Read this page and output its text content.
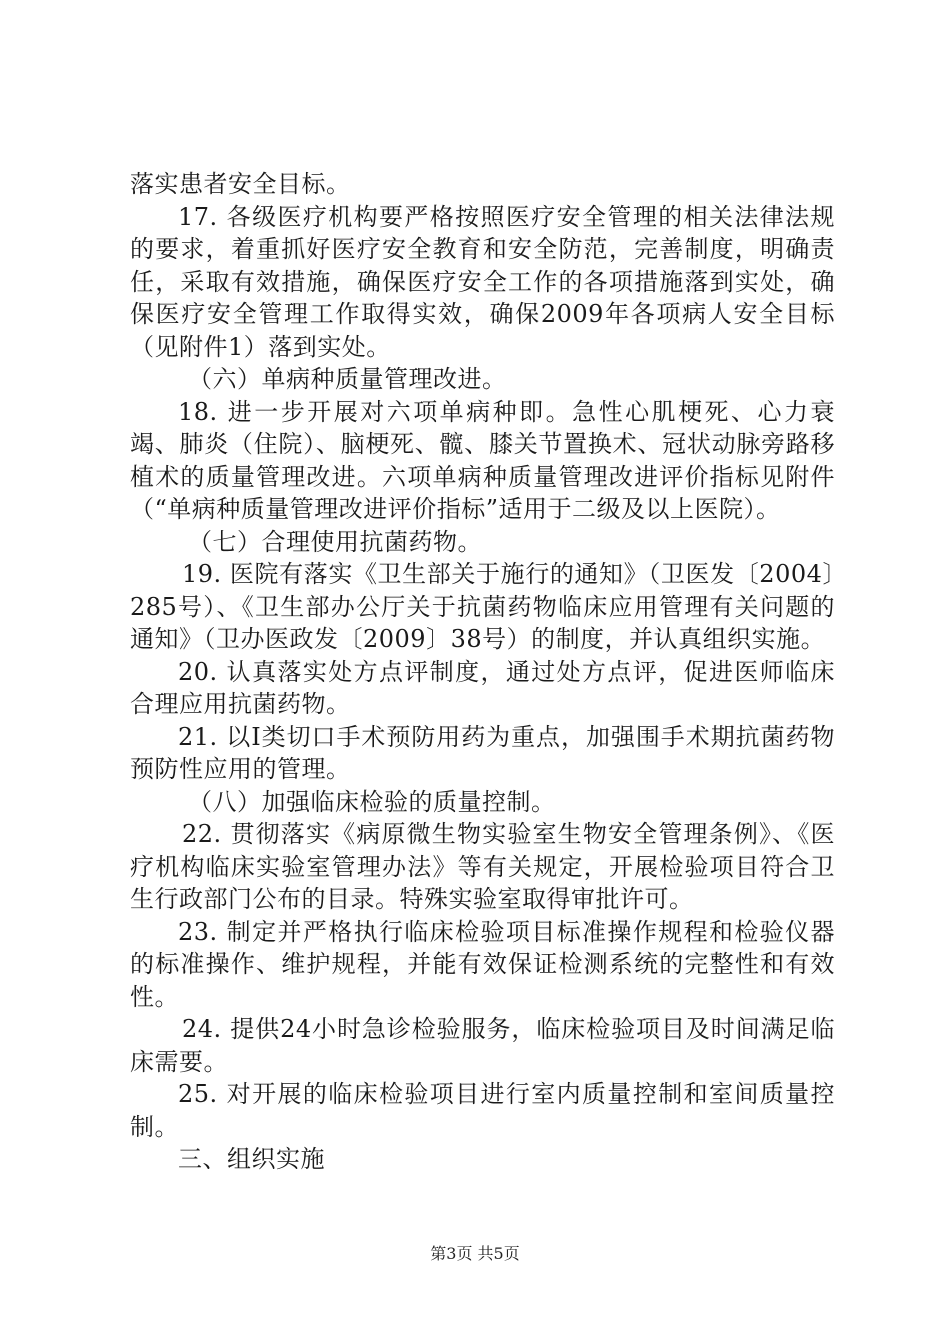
落实患者安全目标。

17. 各级医疗机构要严格按照医疗安全管理的相关法律法规的要求，着重抓好医疗安全教育和安全防范，完善制度，明确责任，采取有效措施，确保医疗安全工作的各项措施落到实处，确保医疗安全管理工作取得实效，确保2009年各项病人安全目标（见附件1）落到实处。

（六）单病种质量管理改进。

18. 进一步开展对六项单病种即。急性心肌梗死、心力衰竭、肺炎（住院）、脑梗死、髋、膝关节置换术、冠状动脉旁路移植术的质量管理改进。六项单病种质量管理改进评价指标见附件（“单病种质量管理改进评价指标”适用于二级及以上医院）。

（七）合理使用抗菌药物。

19. 医院有落实《卫生部关于施行的通知》（卫医发〔2004〕285号）、《卫生部办公厅关于抗菌药物临床应用管理有关问题的通知》（卫办医政发〔2009〕38号）的制度，并认真组织实施。

20. 认真落实处方点评制度，通过处方点评，促进医师临床合理应用抗菌药物。

21. 以Ⅰ类切口手术预防用药为重点，加强围手术期抗菌药物预防性应用的管理。

（八）加强临床检验的质量控制。

22. 贯彻落实《病原微生物实验室生物安全管理条例》、《医疗机构临床实验室管理办法》等有关规定，开展检验项目符合卫生行政部门公布的目录。特殊实验室取得审批许可。

23. 制定并严格执行临床检验项目标准操作规程和检验仪器的标准操作、维护规程，并能有效保证检测系统的完整性和有效性。

24. 提供24小时急诊检验服务，临床检验项目及时间满足临床需要。

25. 对开展的临床检验项目进行室内质量控制和室间质量控制。

三、组织实施

第3页 共5页
